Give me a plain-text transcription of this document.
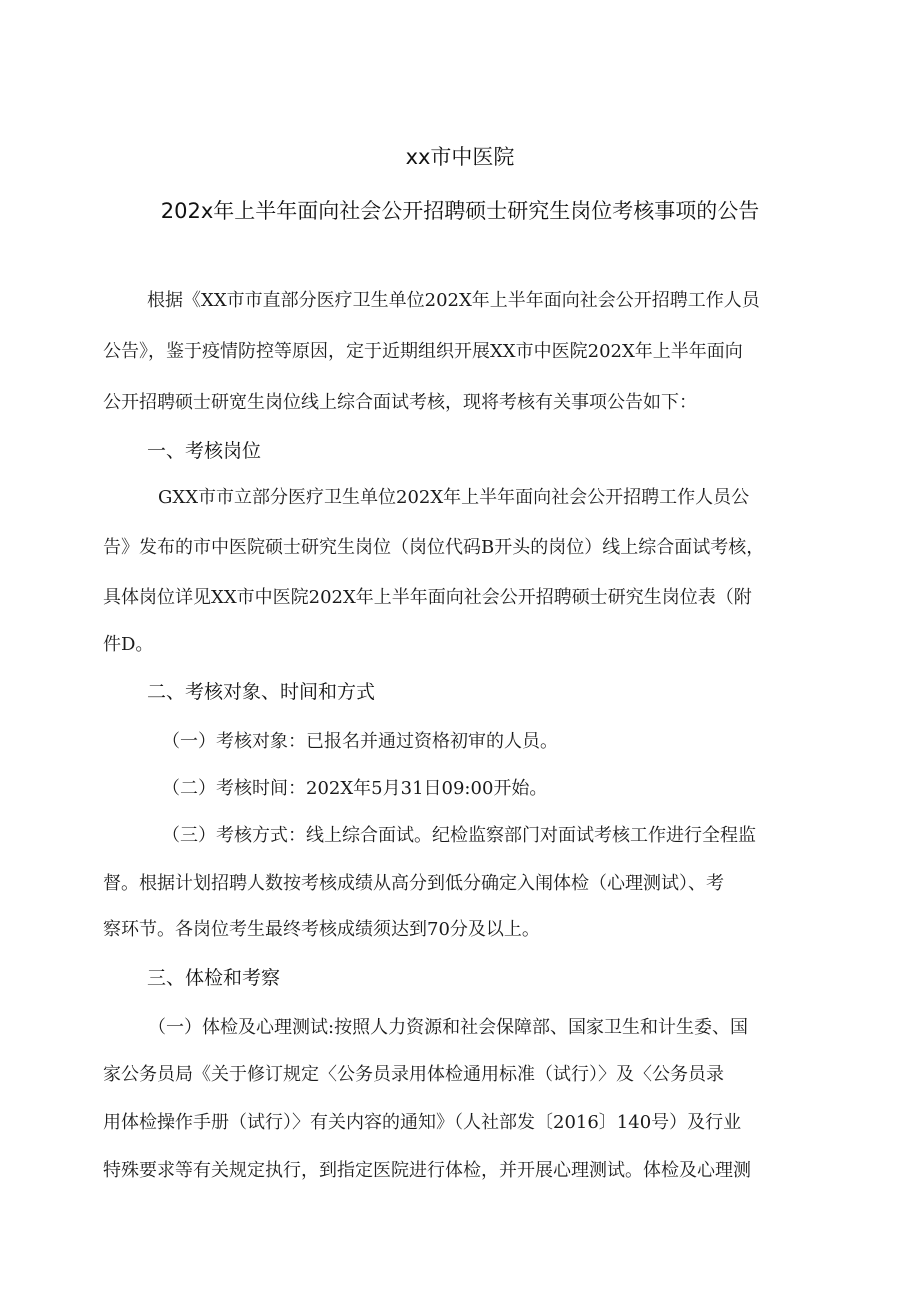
xx市中医院
202x年上半年面向社会公开招聘硕士研究生岗位考核事项的公告
根据《XX市市直部分医疗卫生单位202X年上半年面向社会公开招聘工作人员
公告》，鉴于疫情防控等原因，定于近期组织开展XX市中医院202X年上半年面向
公开招聘硕士研宽生岗位线上综合面试考核，现将考核有关事项公告如下：
一、考核岗位
GXX市市立部分医疗卫生单位202X年上半年面向社会公开招聘工作人员公
告》发布的市中医院硕士研究生岗位（岗位代码B开头的岗位）线上综合面试考核，
具体岗位详见XX市中医院202X年上半年面向社会公开招聘硕士研究生岗位表（附
件D。
二、考核对象、时间和方式
（一）考核对象：已报名并通过资格初审的人员。
（二）考核时间：202X年5月31日09:00开始。
（三）考核方式：线上综合面试。纪检监察部门对面试考核工作进行全程监
督。根据计划招聘人数按考核成绩从高分到低分确定入闱体检（心理测试）、考
察环节。各岗位考生最终考核成绩须达到70分及以上。
三、体检和考察
（一）体检及心理测试:按照人力资源和社会保障部、国家卫生和计生委、国
家公务员局《关于修订规定〈公务员录用体检通用标准（试行）〉及〈公务员录
用体检操作手册（试行）〉有关内容的通知》（人社部发〔2016〕140号）及行业
特殊要求等有关规定执行，到指定医院进行体检，并开展心理测试。体检及心理测
